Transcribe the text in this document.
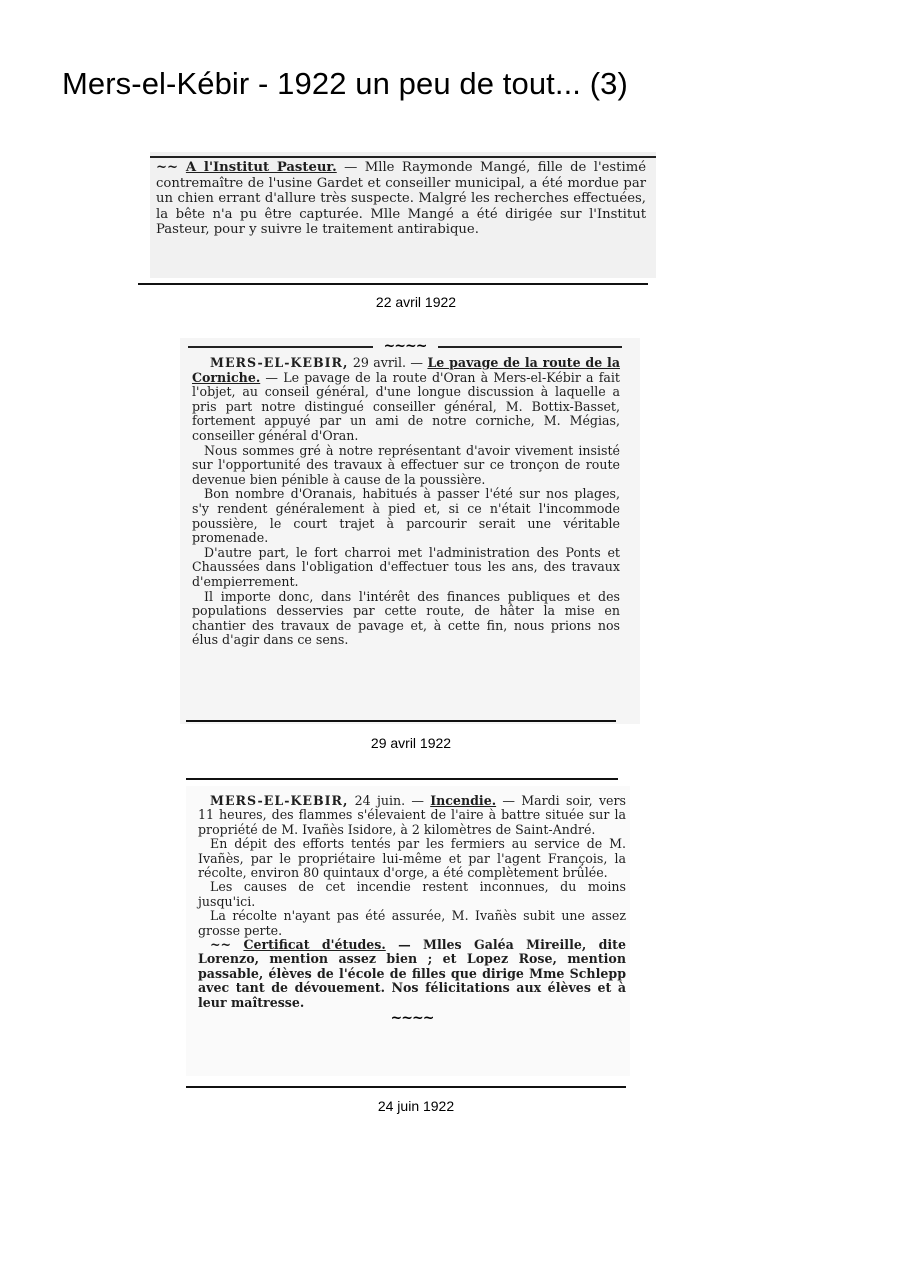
Mers-el-Kébir - 1922 un peu de tout... (3)

~~ A l'Institut Pasteur. — Mlle Raymonde Mangé, fille de l'estimé contremaître de l'usine Gardet et conseiller municipal, a été mordue par un chien errant d'allure très suspecte. Malgré les recherches effectuées, la bête n'a pu être capturée. Mlle Mangé a été dirigée sur l'Institut Pasteur, pour y suivre le traitement antirabique.

22 avril 1922
~~~~

MERS-EL-KEBIR, 29 avril. — Le pavage de la route de la Corniche. — Le pavage de la route d'Oran à Mers-el-Kébir a fait l'objet, au conseil général, d'une longue discussion à laquelle a pris part notre distingué conseiller général, M. Bottix-Basset, fortement appuyé par un ami de notre corniche, M. Mégias, conseiller général d'Oran.

Nous sommes gré à notre représentant d'avoir vivement insisté sur l'opportunité des travaux à effectuer sur ce tronçon de route devenue bien pénible à cause de la poussière.

Bon nombre d'Oranais, habitués à passer l'été sur nos plages, s'y rendent généralement à pied et, si ce n'était l'incommode poussière, le court trajet à parcourir serait une véritable promenade.

D'autre part, le fort charroi met l'administration des Ponts et Chaussées dans l'obligation d'effectuer tous les ans, des travaux d'empierrement.

Il importe donc, dans l'intérêt des finances publiques et des populations desservies par cette route, de hâter la mise en chantier des travaux de pavage et, à cette fin, nous prions nos élus d'agir dans ce sens.

29 avril 1922

MERS-EL-KEBIR, 24 juin. — Incendie. — Mardi soir, vers 11 heures, des flammes s'élevaient de l'aire à battre située sur la propriété de M. Ivañès Isidore, à 2 kilomètres de Saint-André.

En dépit des efforts tentés par les fermiers au service de M. Ivañès, par le propriétaire lui-même et par l'agent François, la récolte, environ 80 quintaux d'orge, a été complètement brûlée.

Les causes de cet incendie restent inconnues, du moins jusqu'ici.

La récolte n'ayant pas été assurée, M. Ivañès subit une assez grosse perte.

~~ Certificat d'études. — Mlles Galéa Mireille, dite Lorenzo, mention assez bien ; et Lopez Rose, mention passable, élèves de l'école de filles que dirige Mme Schlepp avec tant de dévouement. Nos félicitations aux élèves et à leur maîtresse.

~~~~
24 juin 1922
